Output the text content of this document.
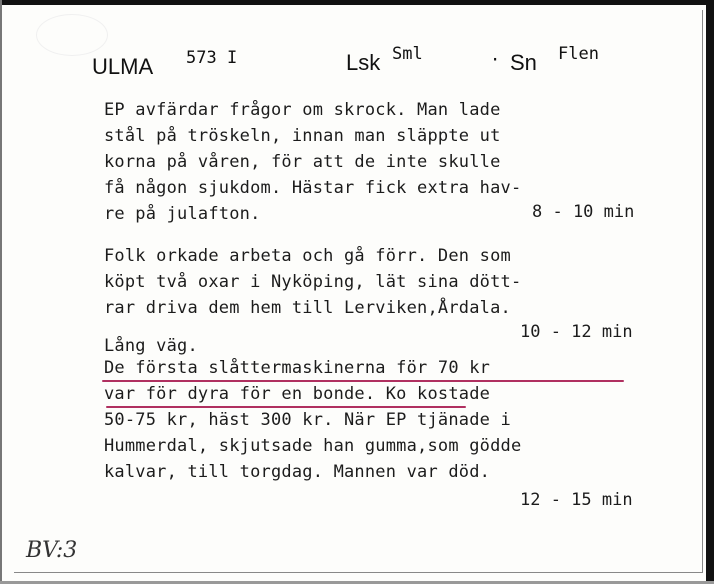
ULMA 573 I	Lsk Sml	· Sn Flen
EP avfärdar frågor om skrock. Man lade
stål på tröskeln, innan man släppte ut
korna på våren, för att de inte skulle
få någon sjukdom. Hästar fick extra hav-
re på julafton.	8 - 10 min
Folk orkade arbeta och gå förr. Den som
köpt två oxar i Nyköping, lät sina dött-
rar driva dem hem till Lerviken,Årdala.
Lång väg.
10 - 12 min
De första slåttermaskinerna för 70 kr
var för dyra för en bonde. Ko kostade
50-75 kr, häst 300 kr. När EP tjänade i
Hummerdal, skjutsade han gumma,som gödde
kalvar, till torgdag. Mannen var död.
12 - 15 min
BV:3
